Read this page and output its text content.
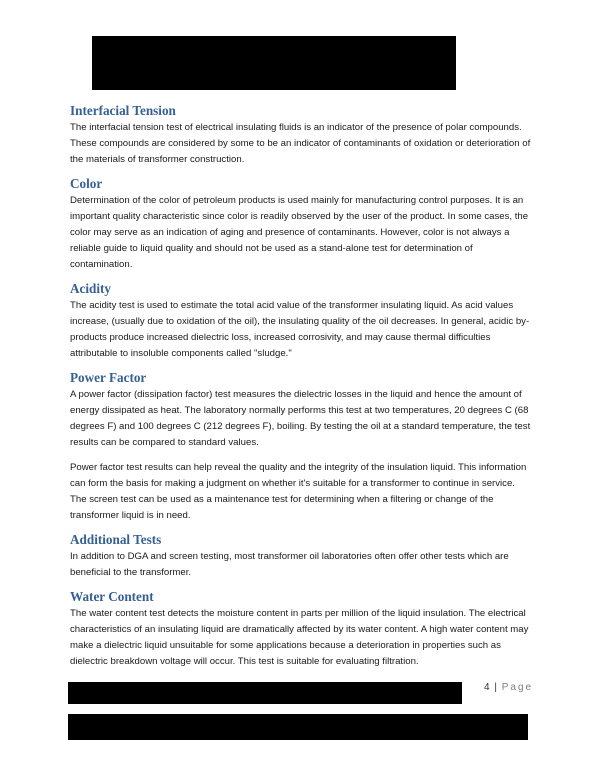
Interfacial Tension

The interfacial tension test of electrical insulating fluids is an indicator of the presence of polar compounds. These compounds are considered by some to be an indicator of contaminants of oxidation or deterioration of the materials of transformer construction.

Color

Determination of the color of petroleum products is used mainly for manufacturing control purposes. It is an important quality characteristic since color is readily observed by the user of the product. In some cases, the color may serve as an indication of aging and presence of contaminants. However, color is not always a reliable guide to liquid quality and should not be used as a stand-alone test for determination of contamination.

Acidity

The acidity test is used to estimate the total acid value of the transformer insulating liquid. As acid values increase, (usually due to oxidation of the oil), the insulating quality of the oil decreases. In general, acidic by-products produce increased dielectric loss, increased corrosivity, and may cause thermal difficulties attributable to insoluble components called "sludge."

Power Factor

A power factor (dissipation factor) test measures the dielectric losses in the liquid and hence the amount of energy dissipated as heat. The laboratory normally performs this test at two temperatures, 20 degrees C (68 degrees F) and 100 degrees C (212 degrees F), boiling. By testing the oil at a standard temperature, the test results can be compared to standard values.

Power factor test results can help reveal the quality and the integrity of the insulation liquid. This information can form the basis for making a judgment on whether it's suitable for a transformer to continue in service. The screen test can be used as a maintenance test for determining when a filtering or change of the transformer liquid is in need.

Additional Tests

In addition to DGA and screen testing, most transformer oil laboratories often offer other tests which are beneficial to the transformer.

Water Content

The water content test detects the moisture content in parts per million of the liquid insulation. The electrical characteristics of an insulating liquid are dramatically affected by its water content. A high water content may make a dielectric liquid unsuitable for some applications because a deterioration in properties such as dielectric breakdown voltage will occur. This test is suitable for evaluating filtration.

4 | Page
